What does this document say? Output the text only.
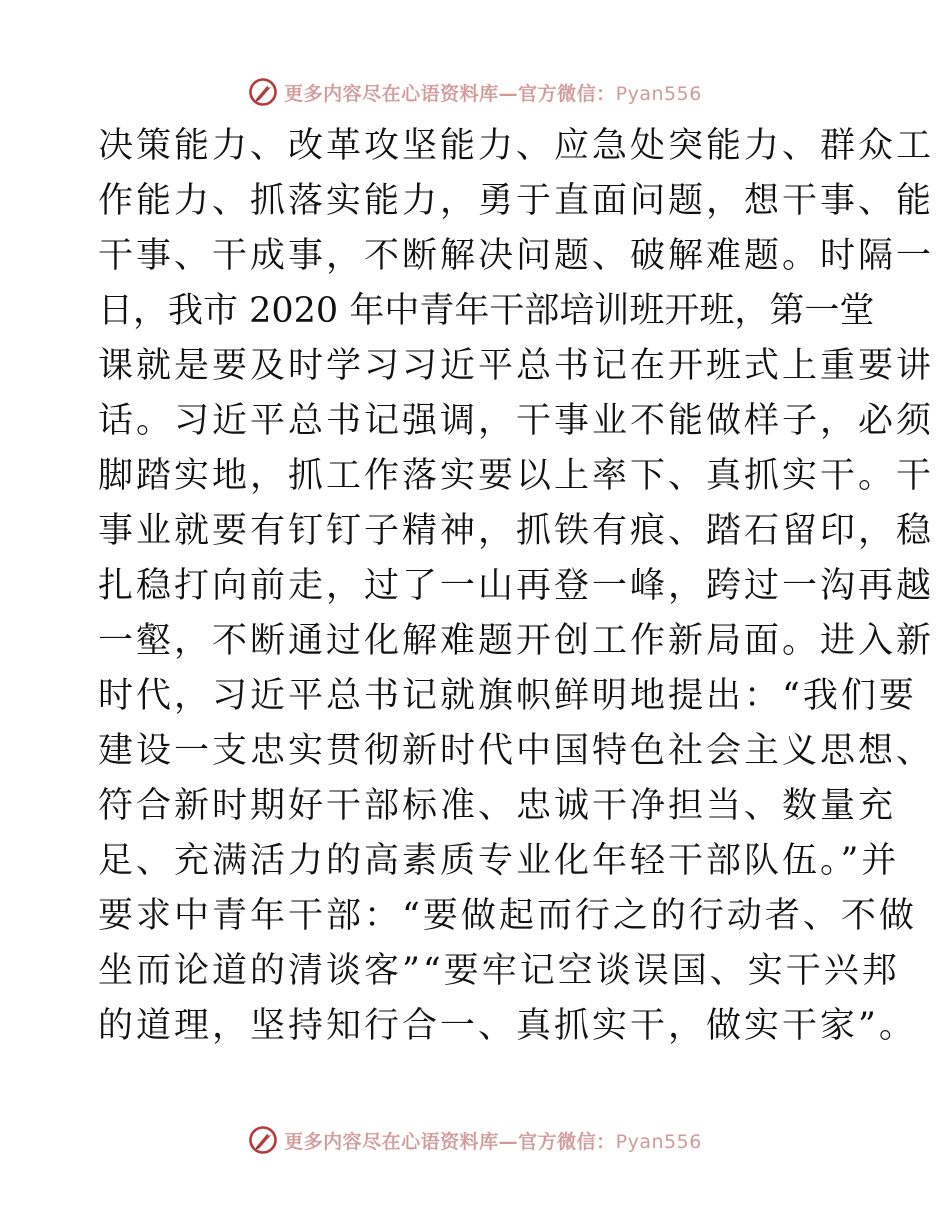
更多内容尽在心语资料库—官方微信：Pyan556
决策能力、改革攻坚能力、应急处突能力、群众工
作能力、抓落实能力，勇于直面问题，想干事、能
干事、干成事，不断解决问题、破解难题。时隔一
日，我市 2020 年中青年干部培训班开班，第一堂
课就是要及时学习习近平总书记在开班式上重要讲
话。习近平总书记强调，干事业不能做样子，必须
脚踏实地，抓工作落实要以上率下、真抓实干。干
事业就要有钉钉子精神，抓铁有痕、踏石留印，稳
扎稳打向前走，过了一山再登一峰，跨过一沟再越
一壑，不断通过化解难题开创工作新局面。进入新
时代，习近平总书记就旗帜鲜明地提出：“我们要
建设一支忠实贯彻新时代中国特色社会主义思想、
符合新时期好干部标准、忠诚干净担当、数量充
足、充满活力的高素质专业化年轻干部队伍。”并
要求中青年干部：“要做起而行之的行动者、不做
坐而论道的清谈客”“要牢记空谈误国、实干兴邦
的道理，坚持知行合一、真抓实干，做实干家”。
更多内容尽在心语资料库—官方微信：Pyan556
